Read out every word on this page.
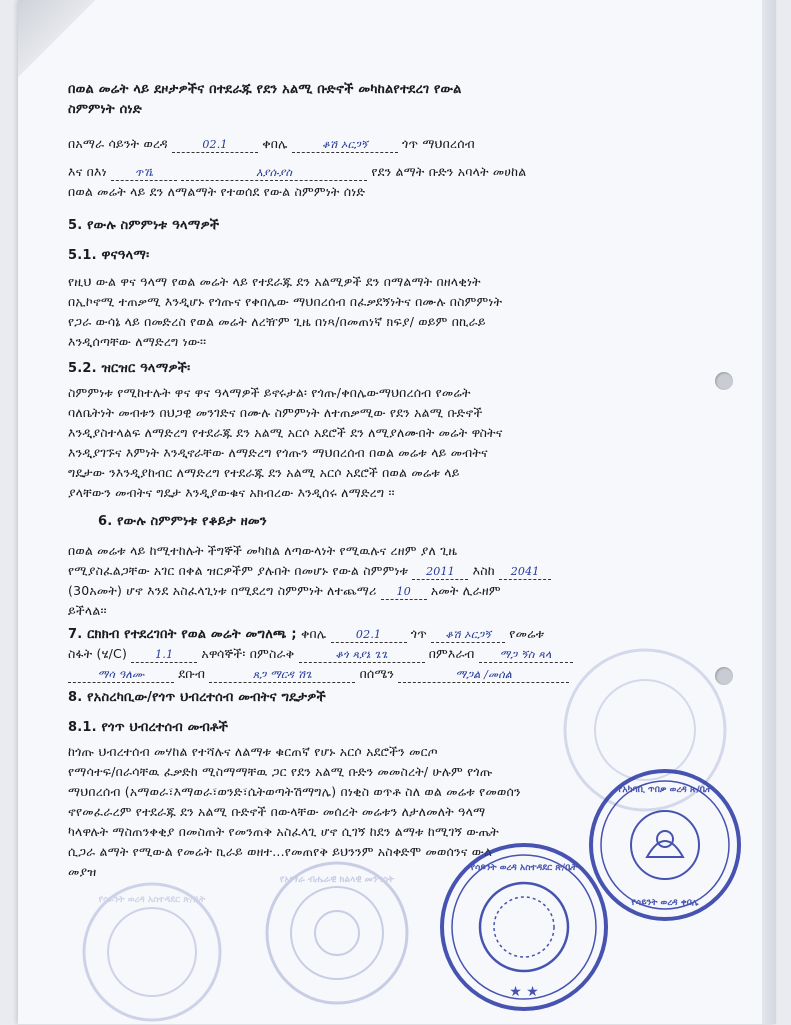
በወል መሬት ላይ ደዞታዎችና በተደራጁ የደን አልሚ ቡድኖች መካከልየተደረገ የውል
ስምምነት ሰነድ
በአማራ ሳይንት ወረዳ	02.1	ቀበሌ	ቆሽ ኦርጋኝ	ጎጥ ማህበረሰብ
እና በእነ	ጥኼ	እያሱያስ	የደን ልማት ቡድን አባላት መሀከል
በወል መሬት ላይ ደን ለማልማት የተወሰደ የውል ስምምነት ሰነድ
5. የውሉ ስምምነቱ ዓላማዎች
5.1. ዋናዓላማ፡
የዚህ ውል ዋና ዓላማ የወል መሬት ላይ የተደራጁ ደን አልሚዎች ደን በማልማት በዘላቂነት
በኢኮኖሚ ተጠቃሚ እንዲሆኑ የጎጡና የቀበሌው ማህበረሰብ በፈቃደኝነትና በሙሉ በስምምነት
የጋራ ውሳኔ ላይ በመድረስ የወል መሬት ለረዥም ጊዜ በነጻ/በመጠነኛ ክፍያ/ ወይም በኪራይ
እንዲሰጣቸው ለማድረግ ነው፡፡
5.2. ዝርዝር ዓላማዎች፡
ስምምነቱ የሚከተሉት ዋና ዋና ዓላማዎች ይኖሩታል፡ የጎጡ/ቀበሌውማህበረሰብ የመሬት
ባለቤትነት መብቱን በህጋዊ መንገድና በሙሉ ስምምነት ለተጠቃሚው የደን አልሚ ቡድኖች
እንዲያስተላልፍ ለማድረግ የተደራጁ ደን አልሚ አርሶ አደሮች ደን ለሚያለሙበት መሬት ዋስትና
እንዲያገኙና እምነት እንዲኖራቸው ለማድረግ የጎጡን ማህበረሰብ በወል መሬቱ ላይ መብትና
ግዴታው ንእንዲያከብር ለማድረግ የተደራጁ ደን አልሚ አርሶ አደሮች በወል መሬቱ ላይ
ያላቸውን መብትና ግዴታ እንዲያውቁና አክብረው እንዲሰሩ ለማድረግ ፡፡
6. የውሉ ስምምነቱ የቆይታ ዘመን
በወል መሬቱ ላይ ከሚተከሉት ችግኞች መካከል ለጣውላነት የሚዉሉና ረዘም ያለ ጊዜ
የሚያስፈልጋቸው አገር በቀል ዝርዎችም ያሉበት በመሆኑ የውል ስምምነቱ 2011 እስከ 2041
(30አመት) ሆኖ እንደ አስፈላጊነቱ በሚደረግ ስምምነት ለተጨማሪ 10 አመት ሊራዘም
ይችላል፡፡
7. ርክክብ የተደረገበት የወል መሬት መግለጫ ; ቀበሌ	02.1 ጎጥ ቆሽ ኦርጋኝ የመሬቱ
ስፋት (ሄ/C)	1.1 አዋሳኞች፡ በምስራቅ	ቆጎ ጻያኔ ጌጌ	በምእራብ ማጋ ኝስ ጻላ
ማሳ ዓለሙ	ደቡብ	ጸጋ ማርዳ ሽጌ	በሰሜን	ማጋል /መሰል
8. የአስረካቢው/የጎጥ ህብረተሰብ መብትና ግዴታዎች
8.1. የጎጥ ህብረተሰብ መብቶች
ከጎጡ ህብረተሰብ መሃከል የተሻሉና ለልማቱ ቁርጠኛ የሆኑ አርሶ አደሮችን መርጦ
የማሳተፍ/በራሳቸዉ ፈቃድከ ሚስማማቸዉ ጋር የደን አልሚ ቡድን መመስረት/ ሁሉም የጎጡ
ማህበረሰብ (አማወራ፣እማወራ፣ወንድ፣ሴትወጣትሽማግሌ) በነቂስ ወጥቶ ስለ ወል መሬቱ የመወሰን
ኖየመፈራረም የተደራጁ ደን አልሚ ቡድኖች በውላቸው መሰረት መሬቱን ለታለመለት ዓላማ
ካላዋሉት ማስጠንቀቂያ በመስጠት የመንጠቅ አስፈላጊ ሆኖ ሲገኝ ከደን ልማቱ ከሚገኝ ውጤት
ሲጋራ ልማት የሚውል የመሬት ኪራይ ወዘተ...የመጠየቅ ይህንንም አስቀድሞ መወሰንና ውል
መያዝ
የሳይንት ወረዳ አስተዳደር ጽ/ቤት
የአማራ ብሔራዊ ክልላዊ መንግስት
የሳይንት ወረዳ አስተዳደር ጽ/ቤት
★ ★
የአካባቢ ጥበቃ ወረዳ ጽ/ቤት
የሳይንት ወረዳ ቀበሌ
